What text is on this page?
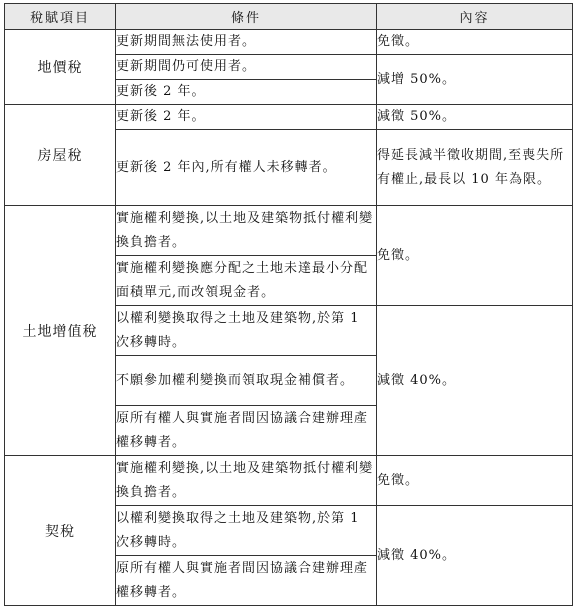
稅賦項目	條件	內容
地價稅	更新期間無法使用者。	免徵。
	更新期間仍可使用者。	減增 50%。
	更新後 2 年。	
房屋稅	更新後 2 年。	減徵 50%。
	更新後 2 年內,所有權人未移轉者。	得延長減半徵收期間,至喪失所有權止,最長以 10 年為限。
土地增值稅	實施權利變換,以土地及建築物抵付權利變換負擔者。	免徵。
	實施權利變換應分配之土地未達最小分配面積單元,而改領現金者。	
	以權利變換取得之土地及建築物,於第 1 次移轉時。	減徵 40%。
	不願參加權利變換而領取現金補償者。	
	原所有權人與實施者間因協議合建辦理產權移轉者。	
契稅	實施權利變換,以土地及建築物抵付權利變換負擔者。	免徵。
	以權利變換取得之土地及建築物,於第 1 次移轉時。	減徵 40%。
	原所有權人與實施者間因協議合建辦理產權移轉者。	
